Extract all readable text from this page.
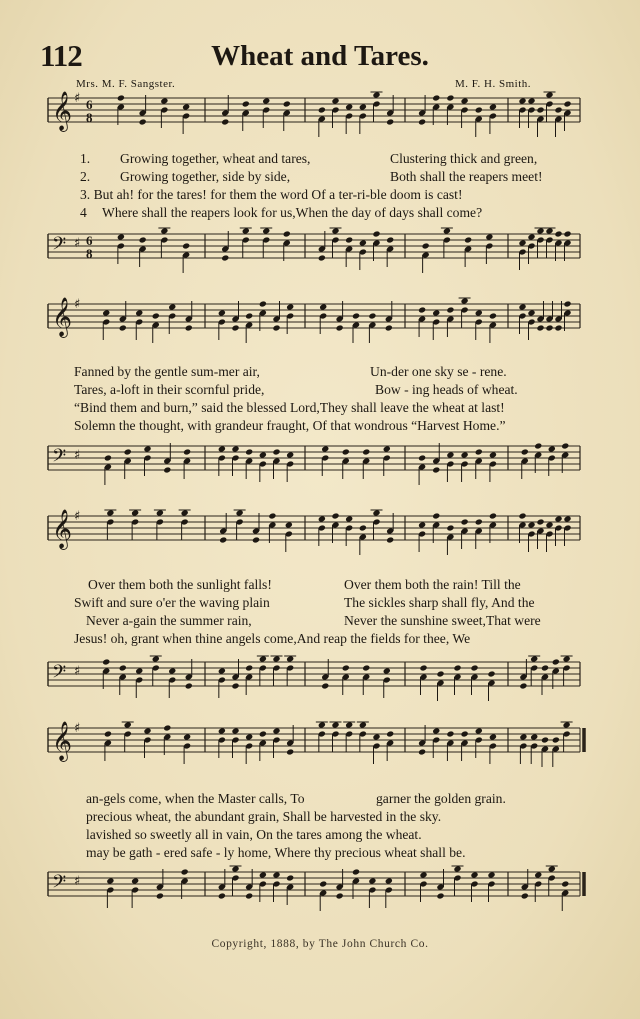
112	Wheat and Tares.
Mrs. M. F. Sangster.	M. F. H. Smith.
𝄞 ♯ 6
8
𝄢 ♯ 6
8
𝄞 ♯
𝄢 ♯
𝄞 ♯
𝄢 ♯
𝄞 ♯
𝄢 ♯
1. Growing together, wheat and tares,	Clustering thick and green,
2. Growing together, side by side,	Both shall the reapers meet!
3. But ah! for the tares! for them the word Of a ter-ri-ble doom is cast!
4 Where shall the reapers look for us,When the day of days shall come?
Fanned by the gentle sum-mer air,	Un-der one sky se - rene.
Tares, a-loft in their scornful pride,	Bow - ing heads of wheat.
“Bind them and burn,” said the blessed Lord,They shall leave the wheat at last!
Solemn the thought, with grandeur fraught, Of that wondrous “Harvest Home.”
Over them both the sunlight falls!	Over them both the rain! Till the
Swift and sure o'er the waving plain	The sickles sharp shall fly, And the
Never a-gain the summer rain,	Never the sunshine sweet,That were
Jesus! oh, grant when thine angels come,And reap the fields for thee, We
an-gels come, when the Master calls, To	garner the golden grain.
precious wheat, the abundant grain, Shall be harvested in the sky.
lavished so sweetly all in vain, On the tares among the wheat.
may be gath - ered safe - ly home, Where thy precious wheat shall be.
Copyright, 1888, by The John Church Co.
